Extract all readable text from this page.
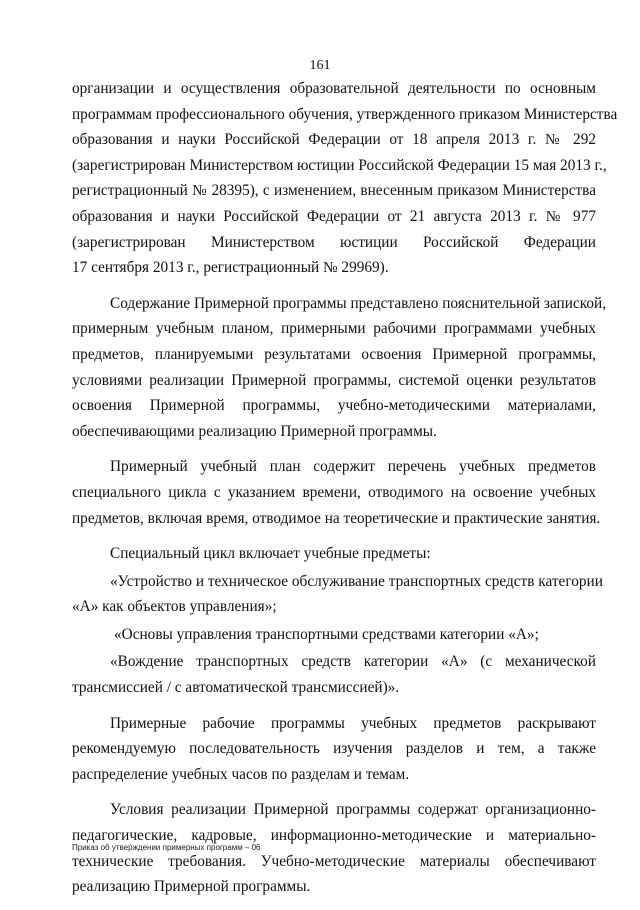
161
организации и осуществления образовательной деятельности по основным
программам профессионального обучения, утвержденного приказом Министерства
образования и науки Российской Федерации от 18 апреля 2013 г. № 292
(зарегистрирован Министерством юстиции Российской Федерации 15 мая 2013 г.,
регистрационный № 28395), с изменением, внесенным приказом Министерства
образования и науки Российской Федерации от 21 августа 2013 г. № 977
(зарегистрирован Министерством юстиции Российской Федерации
17 сентября 2013 г., регистрационный № 29969).
Содержание Примерной программы представлено пояснительной запиской,
примерным учебным планом, примерными рабочими программами учебных
предметов, планируемыми результатами освоения Примерной программы,
условиями реализации Примерной программы, системой оценки результатов
освоения Примерной программы, учебно-методическими материалами,
обеспечивающими реализацию Примерной программы.
Примерный учебный план содержит перечень учебных предметов
специального цикла с указанием времени, отводимого на освоение учебных
предметов, включая время, отводимое на теоретические и практические занятия.
Специальный цикл включает учебные предметы:
«Устройство и техническое обслуживание транспортных средств категории
«А» как объектов управления»;
«Основы управления транспортными средствами категории «А»;
«Вождение транспортных средств категории «А» (с механической
трансмиссией / с автоматической трансмиссией)».
Примерные рабочие программы учебных предметов раскрывают
рекомендуемую последовательность изучения разделов и тем, а также
распределение учебных часов по разделам и темам.
Условия реализации Примерной программы содержат организационно-
педагогические, кадровые, информационно-методические и материально-
технические требования. Учебно-методические материалы обеспечивают
реализацию Примерной программы.
Приказ об утверждении примерных программ – 06
